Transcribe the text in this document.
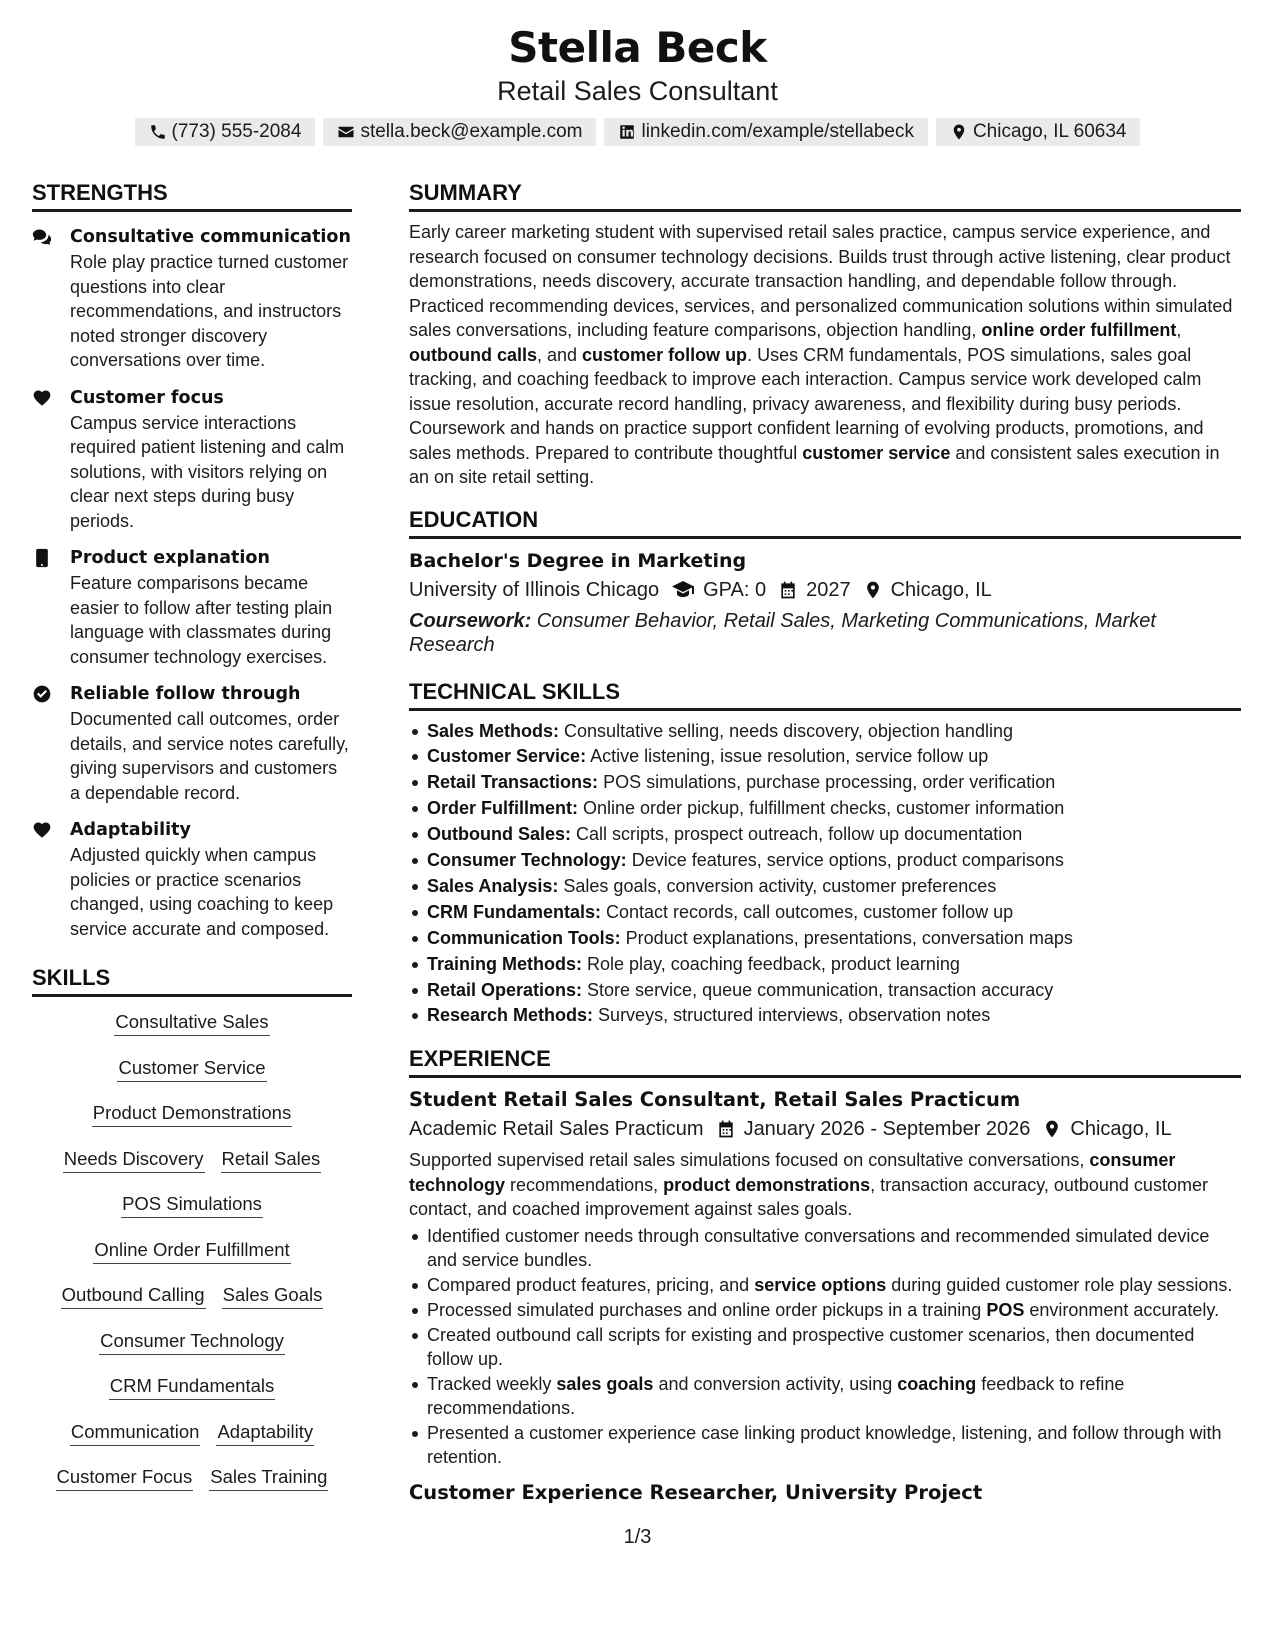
Stella Beck
Retail Sales Consultant
(773) 555-2084	stella.beck@example.com	linkedin.com/example/stellabeck	Chicago, IL 60634
STRENGTHS
Consultative communication
Role play practice turned customer questions into clear recommendations, and instructors noted stronger discovery conversations over time.
Customer focus
Campus service interactions required patient listening and calm solutions, with visitors relying on clear next steps during busy periods.
Product explanation
Feature comparisons became easier to follow after testing plain language with classmates during consumer technology exercises.
Reliable follow through
Documented call outcomes, order details, and service notes carefully, giving supervisors and customers a dependable record.
Adaptability
Adjusted quickly when campus policies or practice scenarios changed, using coaching to keep service accurate and composed.
SKILLS
Consultative Sales
Customer Service
Product Demonstrations
Needs Discovery Retail Sales
POS Simulations
Online Order Fulfillment
Outbound Calling Sales Goals
Consumer Technology
CRM Fundamentals
Communication Adaptability
Customer Focus Sales Training
SUMMARY
Early career marketing student with supervised retail sales practice, campus service experience, and research focused on consumer technology decisions. Builds trust through active listening, clear product demonstrations, needs discovery, accurate transaction handling, and dependable follow through. Practiced recommending devices, services, and personalized communication solutions within simulated sales conversations, including feature comparisons, objection handling, online order fulfillment, outbound calls, and customer follow up. Uses CRM fundamentals, POS simulations, sales goal tracking, and coaching feedback to improve each interaction. Campus service work developed calm issue resolution, accurate record handling, privacy awareness, and flexibility during busy periods. Coursework and hands on practice support confident learning of evolving products, promotions, and sales methods. Prepared to contribute thoughtful customer service and consistent sales execution in an on site retail setting.
EDUCATION
Bachelor's Degree in Marketing
University of Illinois Chicago GPA: 0 2027 Chicago, IL
Coursework: Consumer Behavior, Retail Sales, Marketing Communications, Market Research
TECHNICAL SKILLS
Sales Methods: Consultative selling, needs discovery, objection handling
Customer Service: Active listening, issue resolution, service follow up
Retail Transactions: POS simulations, purchase processing, order verification
Order Fulfillment: Online order pickup, fulfillment checks, customer information
Outbound Sales: Call scripts, prospect outreach, follow up documentation
Consumer Technology: Device features, service options, product comparisons
Sales Analysis: Sales goals, conversion activity, customer preferences
CRM Fundamentals: Contact records, call outcomes, customer follow up
Communication Tools: Product explanations, presentations, conversation maps
Training Methods: Role play, coaching feedback, product learning
Retail Operations: Store service, queue communication, transaction accuracy
Research Methods: Surveys, structured interviews, observation notes
EXPERIENCE
Student Retail Sales Consultant, Retail Sales Practicum
Academic Retail Sales Practicum January 2026 - September 2026 Chicago, IL
Supported supervised retail sales simulations focused on consultative conversations, consumer technology recommendations, product demonstrations, transaction accuracy, outbound customer contact, and coached improvement against sales goals.
Identified customer needs through consultative conversations and recommended simulated device and service bundles.
Compared product features, pricing, and service options during guided customer role play sessions.
Processed simulated purchases and online order pickups in a training POS environment accurately.
Created outbound call scripts for existing and prospective customer scenarios, then documented follow up.
Tracked weekly sales goals and conversion activity, using coaching feedback to refine recommendations.
Presented a customer experience case linking product knowledge, listening, and follow through with retention.
Customer Experience Researcher, University Project
1/3
